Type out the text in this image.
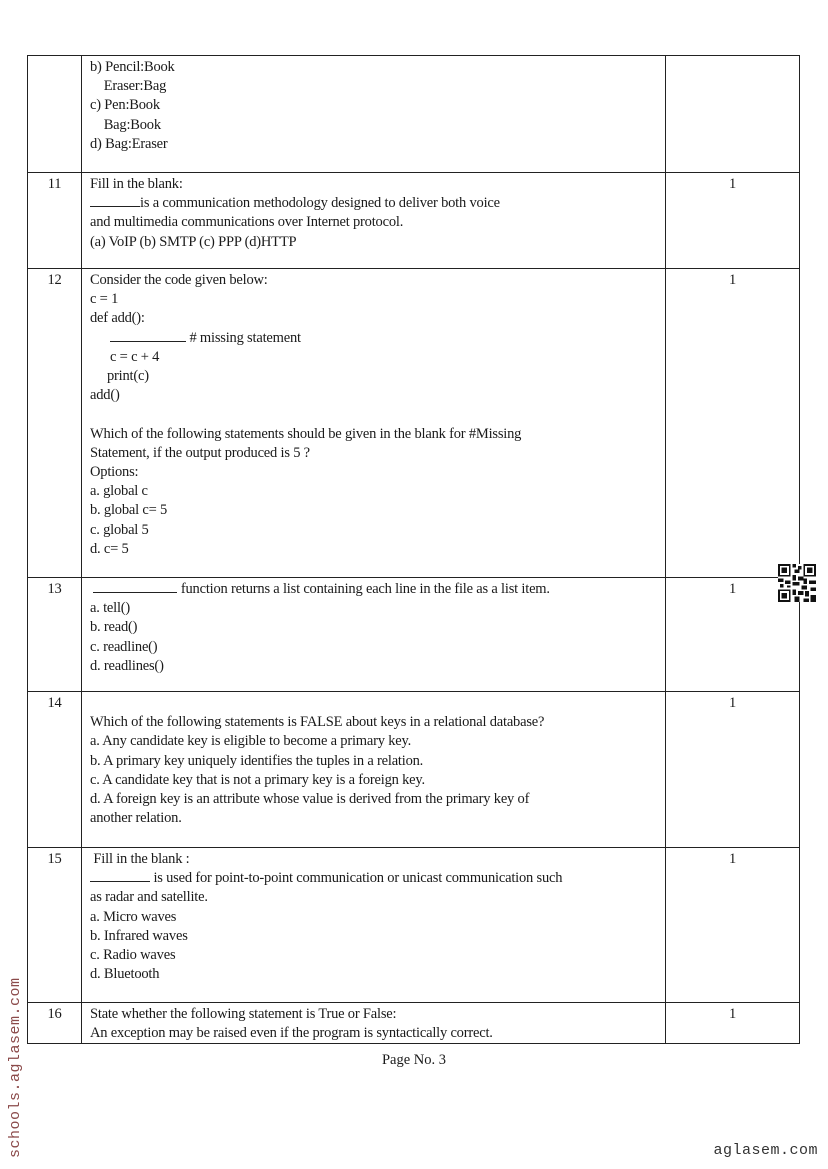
	b) Pencil:Book
Eraser:Bag
c) Pen:Book
Bag:Book
d) Bag:Eraser	

11	Fill in the blank:
is a communication methodology designed to deliver both voice
and multimedia communications over Internet protocol.
(a) VoIP (b) SMTP (c) PPP (d)HTTP	1
12	Consider the code given below:
c = 1
def add():
# missing statement
c = c + 4
print(c)
add()

Which of the following statements should be given in the blank for #Missing
Statement, if the output produced is 5 ?
Options:
a. global c
b. global c= 5
c. global 5
d. c= 5
	1
13	function returns a list containing each line in the file as a list item.
a. tell()
b. read()
c. readline()
d. readlines()	1
14	

Which of the following statements is FALSE about keys in a relational database?
a. Any candidate key is eligible to become a primary key.
b. A primary key uniquely identifies the tuples in a relation.
c. A candidate key that is not a primary key is a foreign key.
d. A foreign key is an attribute whose value is derived from the primary key of
another relation.
	1
15	Fill in the blank :
is used for point-to-point communication or unicast communication such
as radar and satellite.
a. Micro waves
b. Infrared waves
c. Radio waves
d. Bluetooth
	1
16	State whether the following statement is True or False:
An exception may be raised even if the program is syntactically correct.	1
Page No. 3
schools.aglasem.com	aglasem.com
